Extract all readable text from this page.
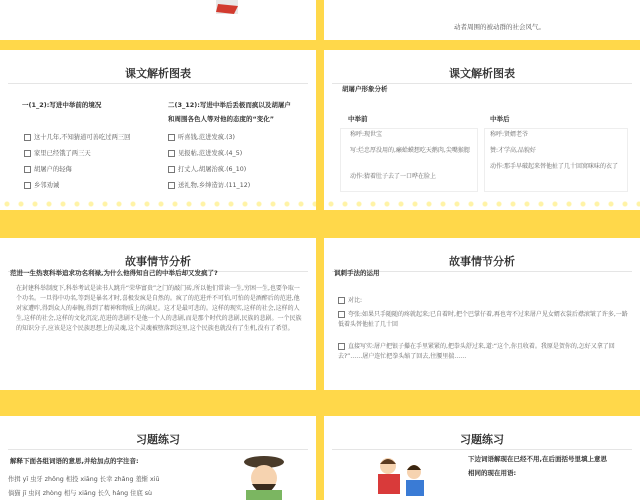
动者周围的被动群的社会风气。
课文解析图表
一(1_2):写进中举前的境况	二(3_12):写进中举后丢极而疯以及胡屠户
和周围各色人等对他的态度的“变化”
这十几年,不知猜道可善吃过两三回
家里已经饿了两三天
胡屠户的轻侮
乡邻劝诫
听喜钱,范进发疯.(3)
见报帖,范进发疯.(4_5)
打丈人,胡屠治疯.(6_10)
送礼物,乡绅造访.(11_12)
课文解析图表
胡屠户形象分析
中举前	中举后
称呼:现世宝
写:烂忠厚没用的,癞蛤蟆想吃天鹅肉,尖嘴猴腮
动作:猜着肚子去了一口哗在脸上
称呼:贤婿老爷
赞:才学高,品貌好
动作:那手早破起来替他扯了几十回窝咪味的衣了
故事情节分析
范进一生热衷科举追求功名利禄,为什么他得知自己的中举后却又发疯了?
在封建科举制度下,科举考试是读书人跳升“荣华富贵”之门的敲门砖,所以他们常读一生,穷困一生,也要争取一个功名。一旦得中功名,等到是暴名才时,喜极发疯是自然的。疯了的范进并不可怕,可怕的是酒醉后的范进,他对家遭咋,得到众人的奉腕,得到了精神和物质上的满足。这才是最可悲的。这样的现实,这样的社会,这样的人生,这样的社会,这样的文化沉淀,范进的悲剧不是他一个人的悲剧,而是那个时代的悲剧,民族的悲剧。一个民族的知识分子,应该是这个民族思想上的灵魂,这个灵魂被堕落到这里,这个民族也就没有了生机,没有了希望。
故事情节分析
讽刺手法的运用
对比:
夸张:如果只手随随的疼就起来;已自着时,把个巴掌仔着,再也弯不过来屠户见女婿衣裳后襟滚皱了许多,一路低着头替他扯了几十回
直接写实:屠户把银子攥在手里紧紧的,把拳头舒过来,道:“这个,你且收着。我原是贺你的,怎好又拿了回去?”……屠户连忙把拳头缩了回去,往腰里揣……
习题练习
解释下面各组词语的意思,并给加点的字注音:
作揖 yī 虫牙 zhōng 相投 xiāng 长幸 zhǎng 羞惭 xiū
倘猫 jī 虫问 zhòng 相与 xiāng 长久 háng 住底 sù
习题练习
下边词语解现在已经不用,在后面括号里填上意思
相同的现在用语:
